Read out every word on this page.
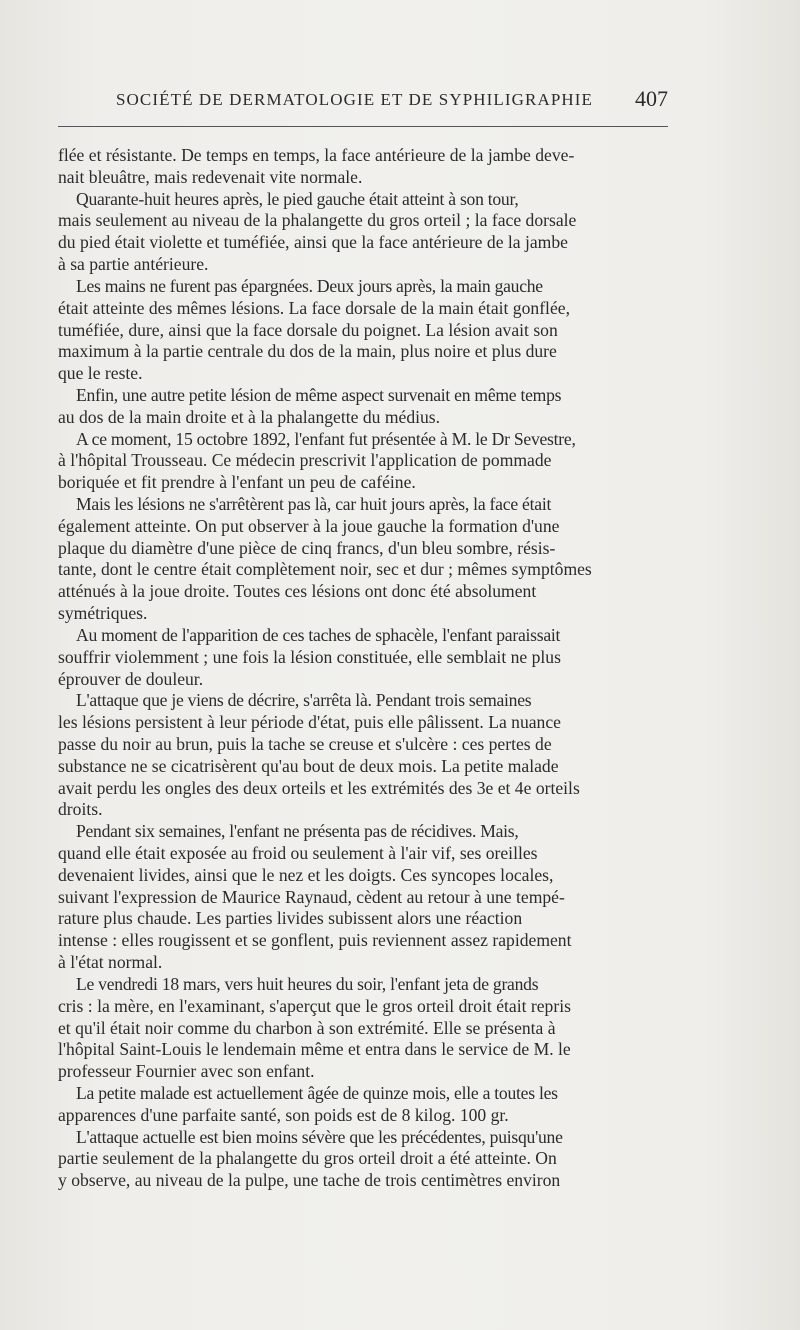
SOCIÉTÉ DE DERMATOLOGIE ET DE SYPHILIGRAPHIE 407
flée et résistante. De temps en temps, la face antérieure de la jambe deve-
nait bleuâtre, mais redevenait vite normale.
Quarante-huit heures après, le pied gauche était atteint à son tour,
mais seulement au niveau de la phalangette du gros orteil ; la face dorsale
du pied était violette et tuméfiée, ainsi que la face antérieure de la jambe
à sa partie antérieure.
Les mains ne furent pas épargnées. Deux jours après, la main gauche
était atteinte des mêmes lésions. La face dorsale de la main était gonflée,
tuméfiée, dure, ainsi que la face dorsale du poignet. La lésion avait son
maximum à la partie centrale du dos de la main, plus noire et plus dure
que le reste.
Enfin, une autre petite lésion de même aspect survenait en même temps
au dos de la main droite et à la phalangette du médius.
A ce moment, 15 octobre 1892, l'enfant fut présentée à M. le Dr Sevestre,
à l'hôpital Trousseau. Ce médecin prescrivit l'application de pommade
boriquée et fit prendre à l'enfant un peu de caféine.
Mais les lésions ne s'arrêtèrent pas là, car huit jours après, la face était
également atteinte. On put observer à la joue gauche la formation d'une
plaque du diamètre d'une pièce de cinq francs, d'un bleu sombre, résis-
tante, dont le centre était complètement noir, sec et dur ; mêmes symptômes
atténués à la joue droite. Toutes ces lésions ont donc été absolument
symétriques.
Au moment de l'apparition de ces taches de sphacèle, l'enfant paraissait
souffrir violemment ; une fois la lésion constituée, elle semblait ne plus
éprouver de douleur.
L'attaque que je viens de décrire, s'arrêta là. Pendant trois semaines
les lésions persistent à leur période d'état, puis elle pâlissent. La nuance
passe du noir au brun, puis la tache se creuse et s'ulcère : ces pertes de
substance ne se cicatrisèrent qu'au bout de deux mois. La petite malade
avait perdu les ongles des deux orteils et les extrémités des 3e et 4e orteils
droits.
Pendant six semaines, l'enfant ne présenta pas de récidives. Mais,
quand elle était exposée au froid ou seulement à l'air vif, ses oreilles
devenaient livides, ainsi que le nez et les doigts. Ces syncopes locales,
suivant l'expression de Maurice Raynaud, cèdent au retour à une tempé-
rature plus chaude. Les parties livides subissent alors une réaction
intense : elles rougissent et se gonflent, puis reviennent assez rapidement
à l'état normal.
Le vendredi 18 mars, vers huit heures du soir, l'enfant jeta de grands
cris : la mère, en l'examinant, s'aperçut que le gros orteil droit était repris
et qu'il était noir comme du charbon à son extrémité. Elle se présenta à
l'hôpital Saint-Louis le lendemain même et entra dans le service de M. le
professeur Fournier avec son enfant.
La petite malade est actuellement âgée de quinze mois, elle a toutes les
apparences d'une parfaite santé, son poids est de 8 kilog. 100 gr.
L'attaque actuelle est bien moins sévère que les précédentes, puisqu'une
partie seulement de la phalangette du gros orteil droit a été atteinte. On
y observe, au niveau de la pulpe, une tache de trois centimètres environ
